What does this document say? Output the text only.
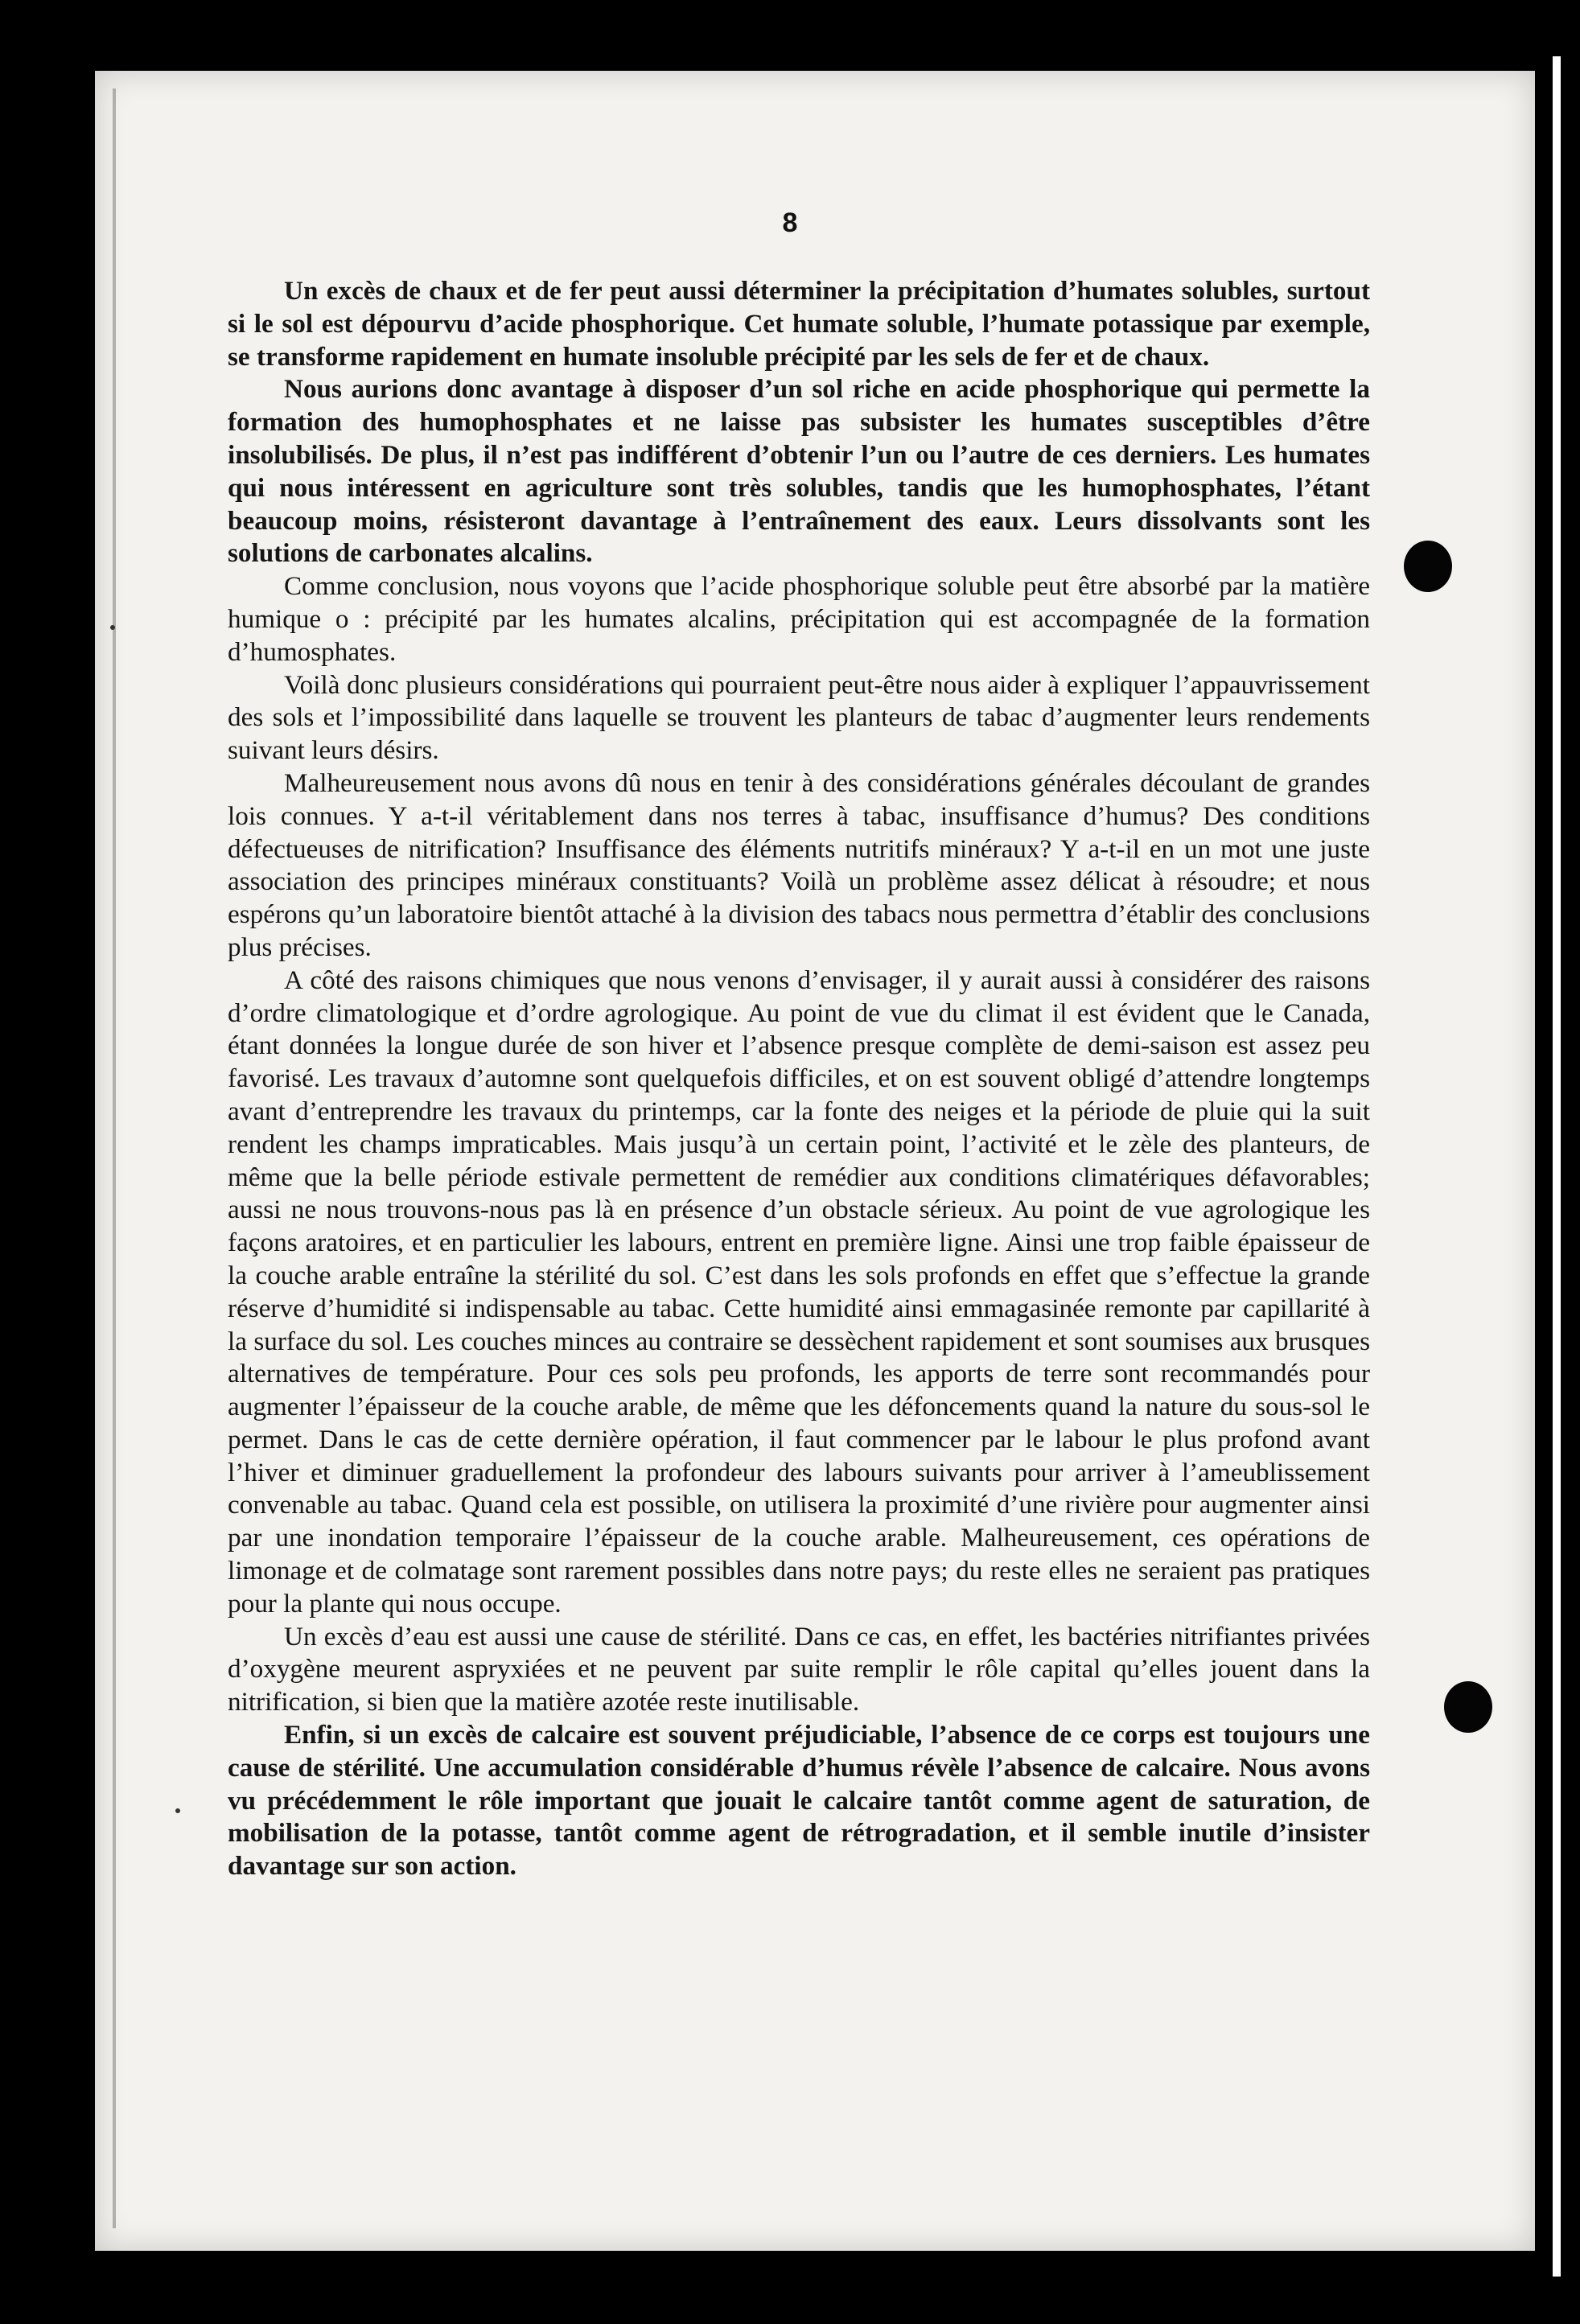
8

Un excès de chaux et de fer peut aussi déterminer la précipitation d’humates solubles, surtout si le sol est dépourvu d’acide phosphorique. Cet humate soluble, l’humate potassique par exemple, se transforme rapidement en humate insoluble précipité par les sels de fer et de chaux.

Nous aurions donc avantage à disposer d’un sol riche en acide phosphorique qui permette la formation des humophosphates et ne laisse pas subsister les humates susceptibles d’être insolubilisés. De plus, il n’est pas indifférent d’obtenir l’un ou l’autre de ces derniers. Les humates qui nous intéressent en agriculture sont très solubles, tandis que les humophosphates, l’étant beaucoup moins, résisteront davantage à l’entraînement des eaux. Leurs dissolvants sont les solutions de carbonates alcalins.

Comme conclusion, nous voyons que l’acide phosphorique soluble peut être absorbé par la matière humique o : précipité par les humates alcalins, précipitation qui est accompagnée de la formation d’humosphates.

Voilà donc plusieurs considérations qui pourraient peut-être nous aider à expliquer l’appauvrissement des sols et l’impossibilité dans laquelle se trouvent les planteurs de tabac d’augmenter leurs rendements suivant leurs désirs.

Malheureusement nous avons dû nous en tenir à des considérations générales découlant de grandes lois connues. Y a-t-il véritablement dans nos terres à tabac, insuffisance d’humus? Des conditions défectueuses de nitrification? Insuffisance des éléments nutritifs minéraux? Y a-t-il en un mot une juste association des principes minéraux constituants? Voilà un problème assez délicat à résoudre; et nous espérons qu’un laboratoire bientôt attaché à la division des tabacs nous permettra d’établir des conclusions plus précises.

A côté des raisons chimiques que nous venons d’envisager, il y aurait aussi à considérer des raisons d’ordre climatologique et d’ordre agrologique. Au point de vue du climat il est évident que le Canada, étant données la longue durée de son hiver et l’absence presque complète de demi-saison est assez peu favorisé. Les travaux d’automne sont quelquefois difficiles, et on est souvent obligé d’attendre longtemps avant d’entreprendre les travaux du printemps, car la fonte des neiges et la période de pluie qui la suit rendent les champs impraticables. Mais jusqu’à un certain point, l’activité et le zèle des planteurs, de même que la belle période estivale permettent de remédier aux conditions climatériques défavorables; aussi ne nous trouvons-nous pas là en présence d’un obstacle sérieux. Au point de vue agrologique les façons aratoires, et en particulier les labours, entrent en première ligne. Ainsi une trop faible épaisseur de la couche arable entraîne la stérilité du sol. C’est dans les sols profonds en effet que s’effectue la grande réserve d’humidité si indispensable au tabac. Cette humidité ainsi emmagasinée remonte par capillarité à la surface du sol. Les couches minces au contraire se dessèchent rapidement et sont soumises aux brusques alternatives de température. Pour ces sols peu profonds, les apports de terre sont recommandés pour augmenter l’épaisseur de la couche arable, de même que les défoncements quand la nature du sous-sol le permet. Dans le cas de cette dernière opération, il faut commencer par le labour le plus profond avant l’hiver et diminuer graduellement la profondeur des labours suivants pour arriver à l’ameublissement convenable au tabac. Quand cela est possible, on utilisera la proximité d’une rivière pour augmenter ainsi par une inondation temporaire l’épaisseur de la couche arable. Malheureusement, ces opérations de limonage et de colmatage sont rarement possibles dans notre pays; du reste elles ne seraient pas pratiques pour la plante qui nous occupe.

Un excès d’eau est aussi une cause de stérilité. Dans ce cas, en effet, les bactéries nitrifiantes privées d’oxygène meurent aspryxiées et ne peuvent par suite remplir le rôle capital qu’elles jouent dans la nitrification, si bien que la matière azotée reste inutilisable.

Enfin, si un excès de calcaire est souvent préjudiciable, l’absence de ce corps est toujours une cause de stérilité. Une accumulation considérable d’humus révèle l’absence de calcaire. Nous avons vu précédemment le rôle important que jouait le calcaire tantôt comme agent de saturation, de mobilisation de la potasse, tantôt comme agent de rétrogradation, et il semble inutile d’insister davantage sur son action.
